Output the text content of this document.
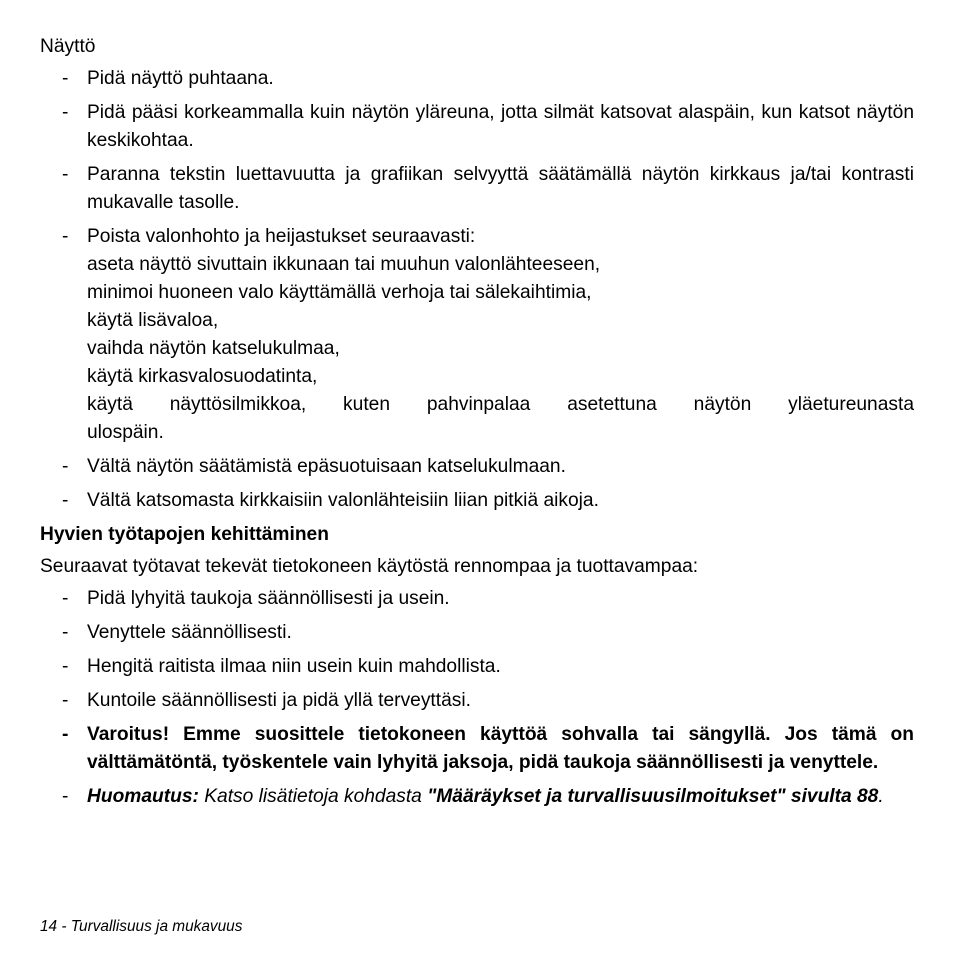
Näyttö

- Pidä näyttö puhtaana.
- Pidä pääsi korkeammalla kuin näytön yläreuna, jotta silmät katsovat alaspäin, kun katsot näytön keskikohtaa.
- Paranna tekstin luettavuutta ja grafiikan selvyyttä säätämällä näytön kirkkaus ja/tai kontrasti mukavalle tasolle.
- Poista valonhohto ja heijastukset seuraavasti:
aseta näyttö sivuttain ikkunaan tai muuhun valonlähteeseen,
minimoi huoneen valo käyttämällä verhoja tai sälekaihtimia,
käytä lisävaloa,
vaihda näytön katselukulmaa,
käytä kirkasvalosuodatinta,
käytä näyttösilmikkoa, kuten pahvinpalaa asetettuna näytön yläetureunasta
ulospäin.
- Vältä näytön säätämistä epäsuotuisaan katselukulmaan.
- Vältä katsomasta kirkkaisiin valonlähteisiin liian pitkiä aikoja.

Hyvien työtapojen kehittäminen

Seuraavat työtavat tekevät tietokoneen käytöstä rennompaa ja tuottavampaa:

- Pidä lyhyitä taukoja säännöllisesti ja usein.
- Venyttele säännöllisesti.
- Hengitä raitista ilmaa niin usein kuin mahdollista.
- Kuntoile säännöllisesti ja pidä yllä terveyttäsi.
- Varoitus! Emme suosittele tietokoneen käyttöä sohvalla tai sängyllä. Jos tämä on välttämätöntä, työskentele vain lyhyitä jaksoja, pidä taukoja säännöllisesti ja venyttele.
- Huomautus: Katso lisätietoja kohdasta "Määräykset ja turvallisuusilmoitukset" sivulta 88.
14 - Turvallisuus ja mukavuus
